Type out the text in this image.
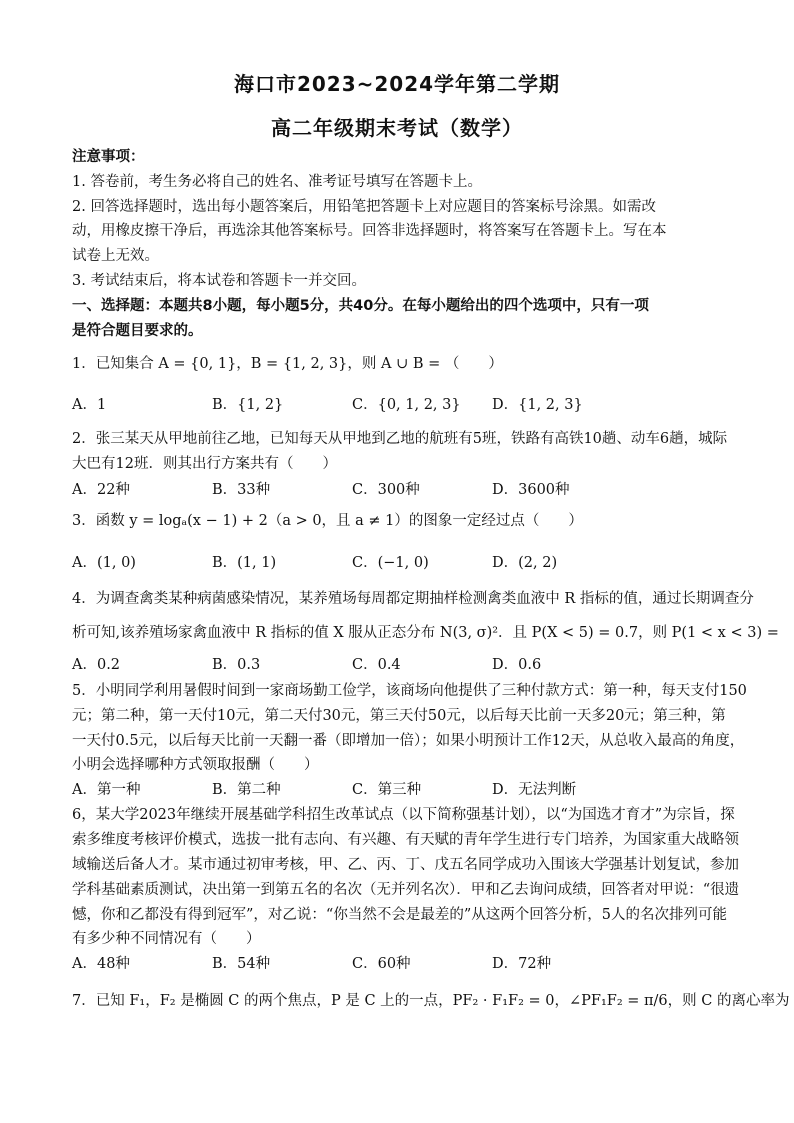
海口市2023~2024学年第二学期
高二年级期末考试（数学）
注意事项：
1. 答卷前，考生务必将自己的姓名、准考证号填写在答题卡上。
2. 回答选择题时，选出每小题答案后，用铅笔把答题卡上对应题目的答案标号涂黑。如需改
动，用橡皮擦干净后，再选涂其他答案标号。回答非选择题时，将答案写在答题卡上。写在本
试卷上无效。
3. 考试结束后，将本试卷和答题卡一并交回。
一、选择题：本题共8小题，每小题5分，共40分。在每小题给出的四个选项中，只有一项
是符合题目要求的。
1．已知集合 A = {0, 1}，B = {1, 2, 3}，则 A ∪ B = （　　）
A．1	B．{1, 2}	C．{0, 1, 2, 3} D．{1, 2, 3}
2．张三某天从甲地前往乙地，已知每天从甲地到乙地的航班有5班，铁路有高铁10趟、动车6趟，城际
大巴有12班．则其出行方案共有（　　）
A．22种	B．33种	C．300种	D．3600种
3．函数 y = logₐ(x − 1) + 2（a > 0，且 a ≠ 1）的图象一定经过点（　　）
A．(1, 0)	B．(1, 1)	C．(−1, 0)	D．(2, 2)
4．为调查禽类某种病菌感染情况，某养殖场每周都定期抽样检测禽类血液中 R 指标的值，通过长期调查分
析可知,该养殖场家禽血液中 R 指标的值 X 服从正态分布 N(3, σ)²．且 P(X < 5) = 0.7，则 P(1 < x < 3) =
A．0.2	B．0.3	C．0.4	D．0.6
5．小明同学利用暑假时间到一家商场勤工俭学，该商场向他提供了三种付款方式：第一种，每天支付150
元；第二种，第一天付10元，第二天付30元，第三天付50元，以后每天比前一天多20元；第三种，第
一天付0.5元，以后每天比前一天翻一番（即增加一倍）；如果小明预计工作12天，从总收入最高的角度，
小明会选择哪种方式领取报酬（　　）
A．第一种	B．第二种	C．第三种	D．无法判断
6，某大学2023年继续开展基础学科招生改革试点（以下简称强基计划），以“为国选才育才”为宗旨，探
索多维度考核评价模式，选拔一批有志向、有兴趣、有天赋的青年学生进行专门培养，为国家重大战略领
域输送后备人才。某市通过初审考核，甲、乙、丙、丁、戊五名同学成功入围该大学强基计划复试，参加
学科基础素质测试，决出第一到第五名的名次（无并列名次）．甲和乙去询问成绩，回答者对甲说：“很遗
憾，你和乙都没有得到冠军”，对乙说：“你当然不会是最差的”从这两个回答分析，5人的名次排列可能
有多少种不同情况有（　　）
A．48种	B．54种	C．60种	D．72种
7．已知 F₁，F₂ 是椭圆 C 的两个焦点，P 是 C 上的一点，PF₂ · F₁F₂ = 0，∠PF₁F₂ = π/6，则 C 的离心率为
